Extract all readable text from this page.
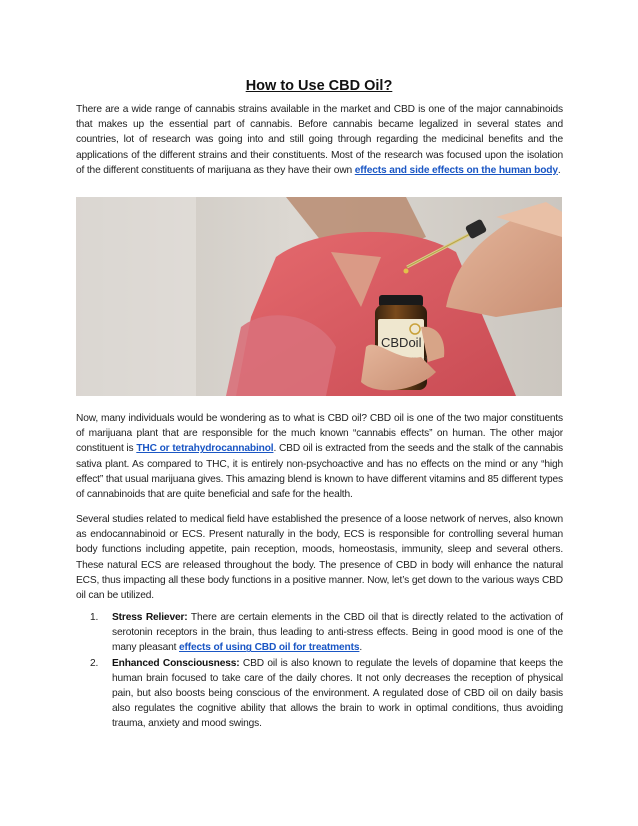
How to Use CBD Oil?
There are a wide range of cannabis strains available in the market and CBD is one of the major cannabinoids that makes up the essential part of cannabis. Before cannabis became legalized in several states and countries, lot of research was going into and still going through regarding the medicinal benefits and the applications of the different strains and their constituents. Most of the research was focused upon the isolation of the different constituents of marijuana as they have their own effects and side effects on the human body.
CBDoil
Now, many individuals would be wondering as to what is CBD oil? CBD oil is one of the two major constituents of marijuana plant that are responsible for the much known “cannabis effects” on human. The other major constituent is THC or tetrahydrocannabinol. CBD oil is extracted from the seeds and the stalk of the cannabis sativa plant. As compared to THC, it is entirely non-psychoactive and has no effects on the mind or any “high effect” that usual marijuana gives. This amazing blend is known to have different vitamins and 85 different types of cannabinoids that are quite beneficial and safe for the health.
Several studies related to medical field have established the presence of a loose network of nerves, also known as endocannabinoid or ECS. Present naturally in the body, ECS is responsible for controlling several human body functions including appetite, pain reception, moods, homeostasis, immunity, sleep and several others. These natural ECS are released throughout the body. The presence of CBD in body will enhance the natural ECS, thus impacting all these body functions in a positive manner. Now, let’s get down to the various ways CBD oil can be utilized.
1. Stress Reliever: There are certain elements in the CBD oil that is directly related to the activation of serotonin receptors in the brain, thus leading to anti-stress effects. Being in good mood is one of the many pleasant effects of using CBD oil for treatments.
2. Enhanced Consciousness: CBD oil is also known to regulate the levels of dopamine that keeps the human brain focused to take care of the daily chores. It not only decreases the reception of physical pain, but also boosts being conscious of the environment. A regulated dose of CBD oil on daily basis also regulates the cognitive ability that allows the brain to work in optimal conditions, thus avoiding trauma, anxiety and mood swings.
